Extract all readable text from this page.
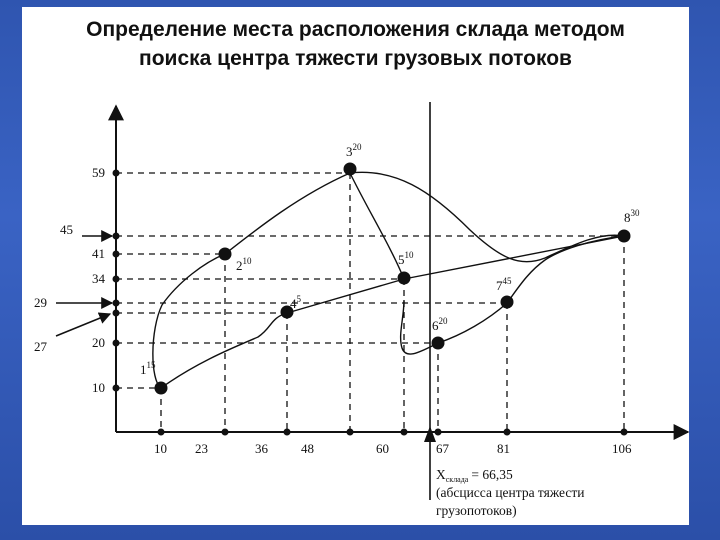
Определение места расположения склада методом
поиска центра тяжести грузовых потоков
$1^{15}$
$2^{10}$
$3^{20}$
$4^5$
$5^{10}$
$6^{20}$
$7^{45}$
$8^{30}$
59
41
34
20
10
45
29
27
10 23	36	48	60	67	81	106
$X_{склада} = 66,35$
(абсцисса центра тяжести
грузопотоков)
